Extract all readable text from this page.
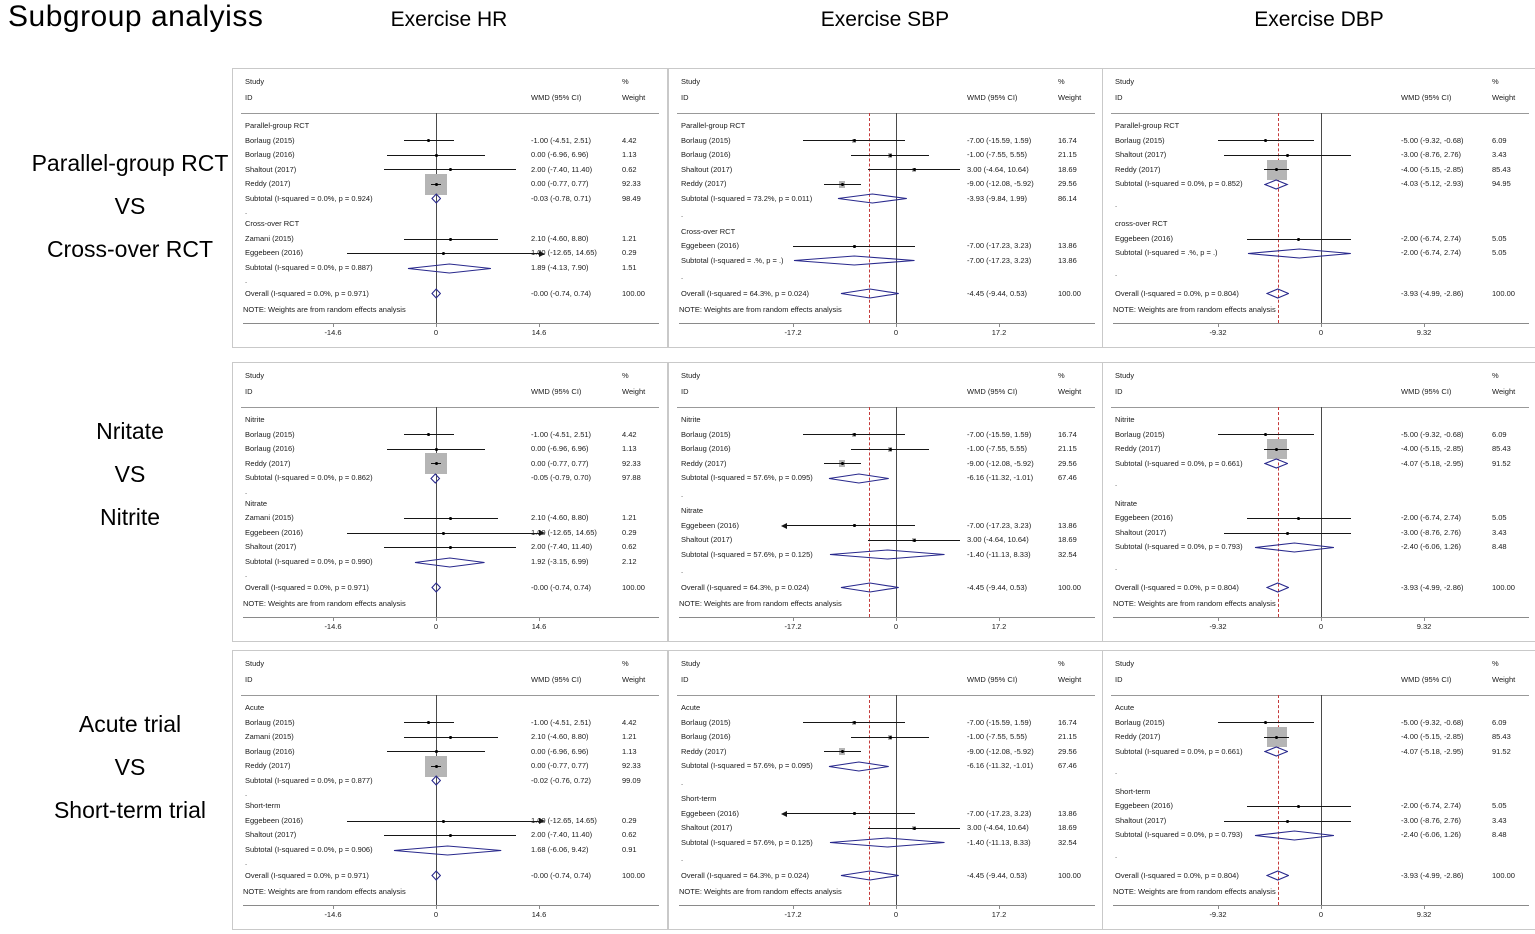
Subgroup analyiss	Exercise HR	Exercise SBP	Exercise DBP
Parallel-group RCT
VS
Cross-over RCT
Nritate
VS
Nitrite
Acute trial
VS
Short-term trial
Study
ID	WMD (95% CI)
%
Weight
Parallel-group RCT
Borlaug (2015)	-1.00 (-4.51, 2.51)	4.42
Borlaug (2016)	0.00 (-6.96, 6.96)	1.13
Shaltout (2017)	2.00 (-7.40, 11.40)	0.62
Reddy (2017)	0.00 (-0.77, 0.77)	92.33
Subtotal (I-squared = 0.0%, p = 0.924)	-0.03 (-0.78, 0.71)	98.49
.
Cross-over RCT
Zamani (2015)	2.10 (-4.60, 8.80)	1.21
Eggebeen (2016)	1.00 (-12.65, 14.65)	0.29
Subtotal (I-squared = 0.0%, p = 0.887)	1.89 (-4.13, 7.90)	1.51
.
Overall (I-squared = 0.0%, p = 0.971)	-0.00 (-0.74, 0.74)	100.00
NOTE: Weights are from random effects analysis
-14.6	0	14.6
Study
ID	WMD (95% CI)
%
Weight
Parallel-group RCT
Borlaug (2015)	-7.00 (-15.59, 1.59)	16.74
Borlaug (2016)	-1.00 (-7.55, 5.55)	21.15
Shaltout (2017)	3.00 (-4.64, 10.64)	18.69
Reddy (2017)	-9.00 (-12.08, -5.92)	29.56
Subtotal (I-squared = 73.2%, p = 0.011)	-3.93 (-9.84, 1.99)	86.14
.
Cross-over RCT
Eggebeen (2016)	-7.00 (-17.23, 3.23)	13.86
Subtotal (I-squared = .%, p = .)	-7.00 (-17.23, 3.23)	13.86
.
Overall (I-squared = 64.3%, p = 0.024)	-4.45 (-9.44, 0.53)	100.00
NOTE: Weights are from random effects analysis
-17.2	0	17.2
Study
ID	WMD (95% CI)
%
Weight
Parallel-group RCT
Borlaug (2015)	-5.00 (-9.32, -0.68)	6.09
Shaltout (2017)	-3.00 (-8.76, 2.76)	3.43
Reddy (2017)	-4.00 (-5.15, -2.85)	85.43
Subtotal (I-squared = 0.0%, p = 0.852)	-4.03 (-5.12, -2.93)	94.95
.
cross-over RCT
Eggebeen (2016)	-2.00 (-6.74, 2.74)	5.05
Subtotal (I-squared = .%, p = .)	-2.00 (-6.74, 2.74)	5.05
.
Overall (I-squared = 0.0%, p = 0.804)	-3.93 (-4.99, -2.86)	100.00
NOTE: Weights are from random effects analysis
-9.32	0	9.32
Study
ID	WMD (95% CI)
%
Weight
Nitrite
Borlaug (2015)	-1.00 (-4.51, 2.51)	4.42
Borlaug (2016)	0.00 (-6.96, 6.96)	1.13
Reddy (2017)	0.00 (-0.77, 0.77)	92.33
Subtotal (I-squared = 0.0%, p = 0.862)	-0.05 (-0.79, 0.70)	97.88
.
Nitrate
Zamani (2015)	2.10 (-4.60, 8.80)	1.21
Eggebeen (2016)	1.00 (-12.65, 14.65)	0.29
Shaltout (2017)	2.00 (-7.40, 11.40)	0.62
Subtotal (I-squared = 0.0%, p = 0.990)	1.92 (-3.15, 6.99)	2.12
.
Overall (I-squared = 0.0%, p = 0.971)	-0.00 (-0.74, 0.74)	100.00
NOTE: Weights are from random effects analysis
-14.6	0	14.6
Study
ID	WMD (95% CI)
%
Weight
Nitrite
Borlaug (2015)	-7.00 (-15.59, 1.59)	16.74
Borlaug (2016)	-1.00 (-7.55, 5.55)	21.15
Reddy (2017)	-9.00 (-12.08, -5.92)	29.56
Subtotal (I-squared = 57.6%, p = 0.095)	-6.16 (-11.32, -1.01)	67.46
.
Nitrate
Eggebeen (2016)	-7.00 (-17.23, 3.23)	13.86
Shaltout (2017)	3.00 (-4.64, 10.64)	18.69
Subtotal (I-squared = 57.6%, p = 0.125)	-1.40 (-11.13, 8.33)	32.54
.
Overall (I-squared = 64.3%, p = 0.024)	-4.45 (-9.44, 0.53)	100.00
NOTE: Weights are from random effects analysis
-17.2	0	17.2
Study
ID	WMD (95% CI)
%
Weight
Nitrite
Borlaug (2015)	-5.00 (-9.32, -0.68)	6.09
Reddy (2017)	-4.00 (-5.15, -2.85)	85.43
Subtotal (I-squared = 0.0%, p = 0.661)	-4.07 (-5.18, -2.95)	91.52
.
Nitrate
Eggebeen (2016)	-2.00 (-6.74, 2.74)	5.05
Shaltout (2017)	-3.00 (-8.76, 2.76)	3.43
Subtotal (I-squared = 0.0%, p = 0.793)	-2.40 (-6.06, 1.26)	8.48
.
Overall (I-squared = 0.0%, p = 0.804)	-3.93 (-4.99, -2.86)	100.00
NOTE: Weights are from random effects analysis
-9.32	0	9.32
Study
ID	WMD (95% CI)
%
Weight
Acute
Borlaug (2015)	-1.00 (-4.51, 2.51)	4.42
Zamani (2015)	2.10 (-4.60, 8.80)	1.21
Borlaug (2016)	0.00 (-6.96, 6.96)	1.13
Reddy (2017)	0.00 (-0.77, 0.77)	92.33
Subtotal (I-squared = 0.0%, p = 0.877)	-0.02 (-0.76, 0.72)	99.09
.
Short-term
Eggebeen (2016)	1.00 (-12.65, 14.65)	0.29
Shaltout (2017)	2.00 (-7.40, 11.40)	0.62
Subtotal (I-squared = 0.0%, p = 0.906)	1.68 (-6.06, 9.42)	0.91
.
Overall (I-squared = 0.0%, p = 0.971)	-0.00 (-0.74, 0.74)	100.00
NOTE: Weights are from random effects analysis
-14.6	0	14.6
Study
ID	WMD (95% CI)
%
Weight
Acute
Borlaug (2015)	-7.00 (-15.59, 1.59)	16.74
Borlaug (2016)	-1.00 (-7.55, 5.55)	21.15
Reddy (2017)	-9.00 (-12.08, -5.92)	29.56
Subtotal (I-squared = 57.6%, p = 0.095)	-6.16 (-11.32, -1.01)	67.46
.
Short-term
Eggebeen (2016)	-7.00 (-17.23, 3.23)	13.86
Shaltout (2017)	3.00 (-4.64, 10.64)	18.69
Subtotal (I-squared = 57.6%, p = 0.125)	-1.40 (-11.13, 8.33)	32.54
.
Overall (I-squared = 64.3%, p = 0.024)	-4.45 (-9.44, 0.53)	100.00
NOTE: Weights are from random effects analysis
-17.2	0	17.2
Study
ID	WMD (95% CI)
%
Weight
Acute
Borlaug (2015)	-5.00 (-9.32, -0.68)	6.09
Reddy (2017)	-4.00 (-5.15, -2.85)	85.43
Subtotal (I-squared = 0.0%, p = 0.661)	-4.07 (-5.18, -2.95)	91.52
.
Short-term
Eggebeen (2016)	-2.00 (-6.74, 2.74)	5.05
Shaltout (2017)	-3.00 (-8.76, 2.76)	3.43
Subtotal (I-squared = 0.0%, p = 0.793)	-2.40 (-6.06, 1.26)	8.48
.
Overall (I-squared = 0.0%, p = 0.804)	-3.93 (-4.99, -2.86)	100.00
NOTE: Weights are from random effects analysis
-9.32	0	9.32
